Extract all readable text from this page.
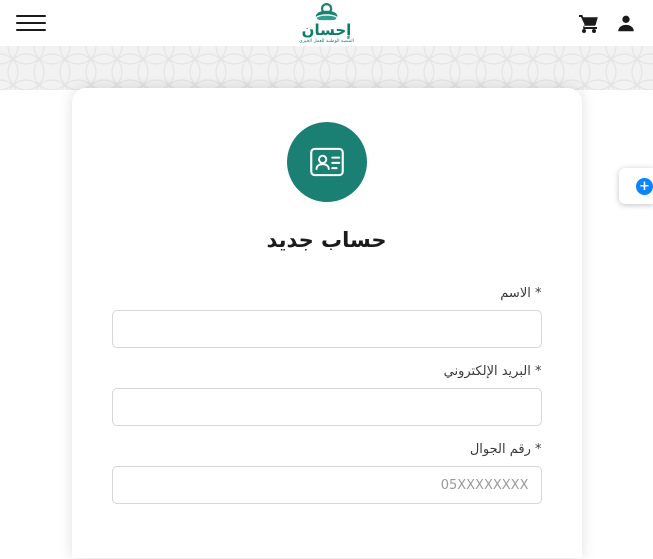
إحسان
المنصة الوطنية للعمل الخيري
+
حساب جديد
* الاسم
* البريد الإلكتروني
* رقم الجوال
05XXXXXXXX
